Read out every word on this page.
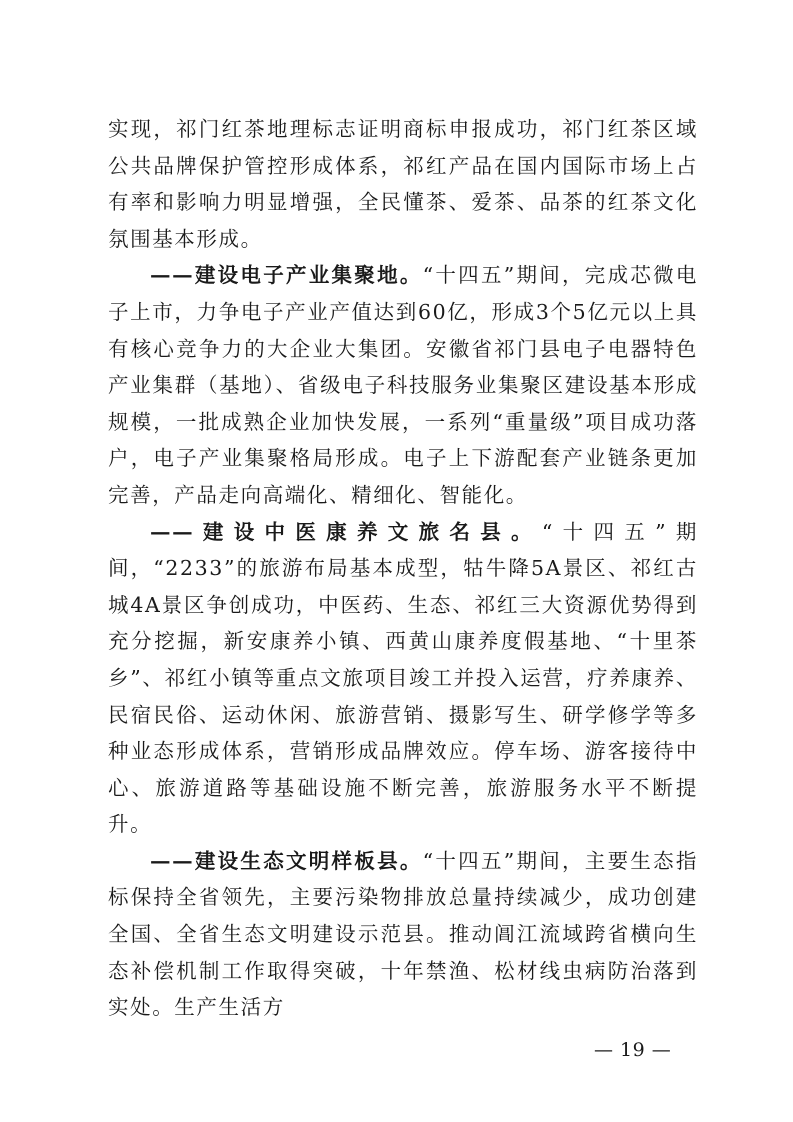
实现，祁门红茶地理标志证明商标申报成功，祁门红茶区域公共品牌保护管控形成体系，祁红产品在国内国际市场上占有率和影响力明显增强，全民懂茶、爱茶、品茶的红茶文化氛围基本形成。

——建设电子产业集聚地。“十四五”期间，完成芯微电子上市，力争电子产业产值达到60亿，形成3个5亿元以上具有核心竞争力的大企业大集团。安徽省祁门县电子电器特色产业集群（基地）、省级电子科技服务业集聚区建设基本形成规模，一批成熟企业加快发展，一系列“重量级”项目成功落户，电子产业集聚格局形成。电子上下游配套产业链条更加完善，产品走向高端化、精细化、智能化。

——建设中医康养文旅名县。“十四五”期间，“2233”的旅游布局基本成型，牯牛降5A景区、祁红古城4A景区争创成功，中医药、生态、祁红三大资源优势得到充分挖掘，新安康养小镇、西黄山康养度假基地、“十里茶乡”、祁红小镇等重点文旅项目竣工并投入运营，疗养康养、民宿民俗、运动休闲、旅游营销、摄影写生、研学修学等多种业态形成体系，营销形成品牌效应。停车场、游客接待中心、旅游道路等基础设施不断完善，旅游服务水平不断提升。

——建设生态文明样板县。“十四五”期间，主要生态指标保持全省领先，主要污染物排放总量持续减少，成功创建全国、全省生态文明建设示范县。推动阊江流域跨省横向生态补偿机制工作取得突破，十年禁渔、松材线虫病防治落到实处。生产生活方

— 19 —
